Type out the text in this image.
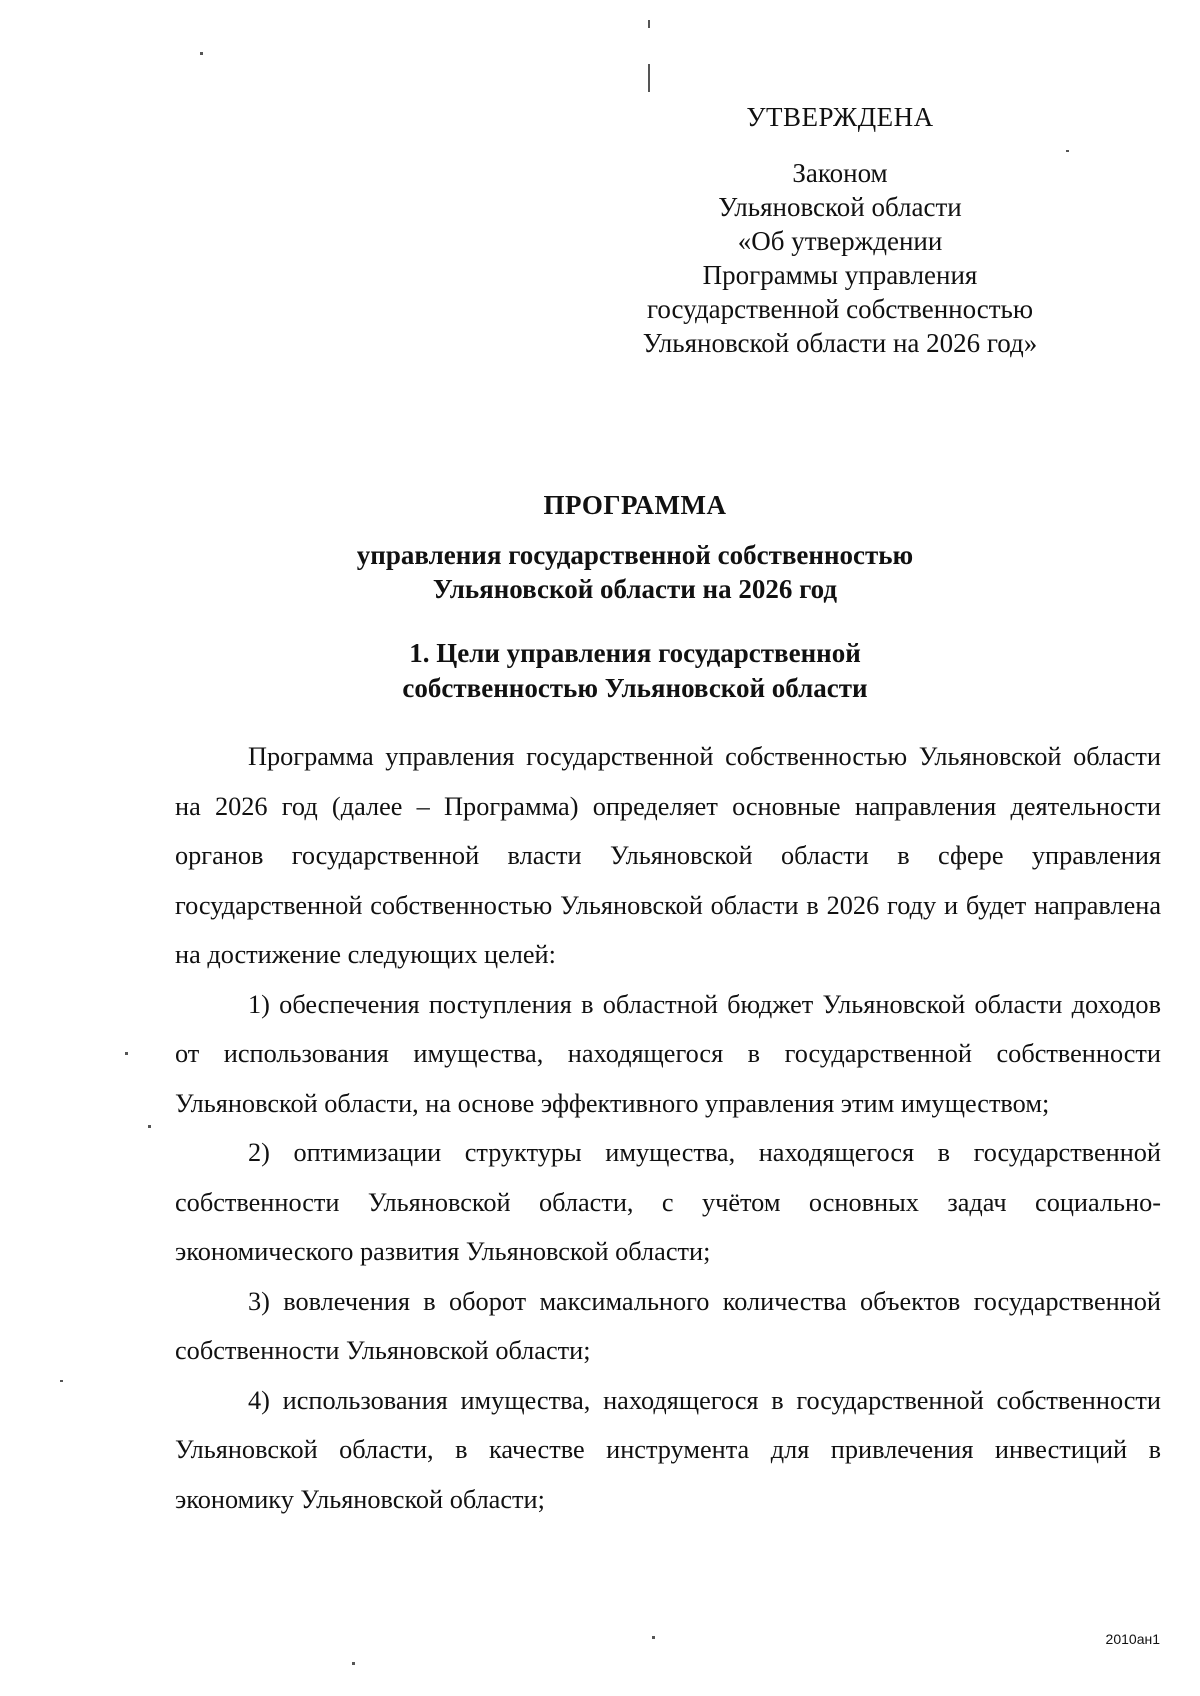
УТВЕРЖДЕНА
Законом
Ульяновской области
«Об утверждении
Программы управления
государственной собственностью
Ульяновской области на 2026 год»
ПРОГРАММА
управления государственной собственностью
Ульяновской области на 2026 год
1. Цели управления государственной
собственностью Ульяновской области

Программа управления государственной собственностью Ульяновской области на 2026 год (далее – Программа) определяет основные направления деятельности органов государственной власти Ульяновской области в сфере управления государственной собственностью Ульяновской области в 2026 году и будет направлена на достижение следующих целей:

1) обеспечения поступления в областной бюджет Ульяновской области доходов от использования имущества, находящегося в государственной собственности Ульяновской области, на основе эффективного управления этим имуществом;

2) оптимизации структуры имущества, находящегося в государственной собственности Ульяновской области, с учётом основных задач социально-экономического развития Ульяновской области;

3) вовлечения в оборот максимального количества объектов государственной собственности Ульяновской области;

4) использования имущества, находящегося в государственной собственности Ульяновской области, в качестве инструмента для привлечения инвестиций в экономику Ульяновской области;

2010ан1
